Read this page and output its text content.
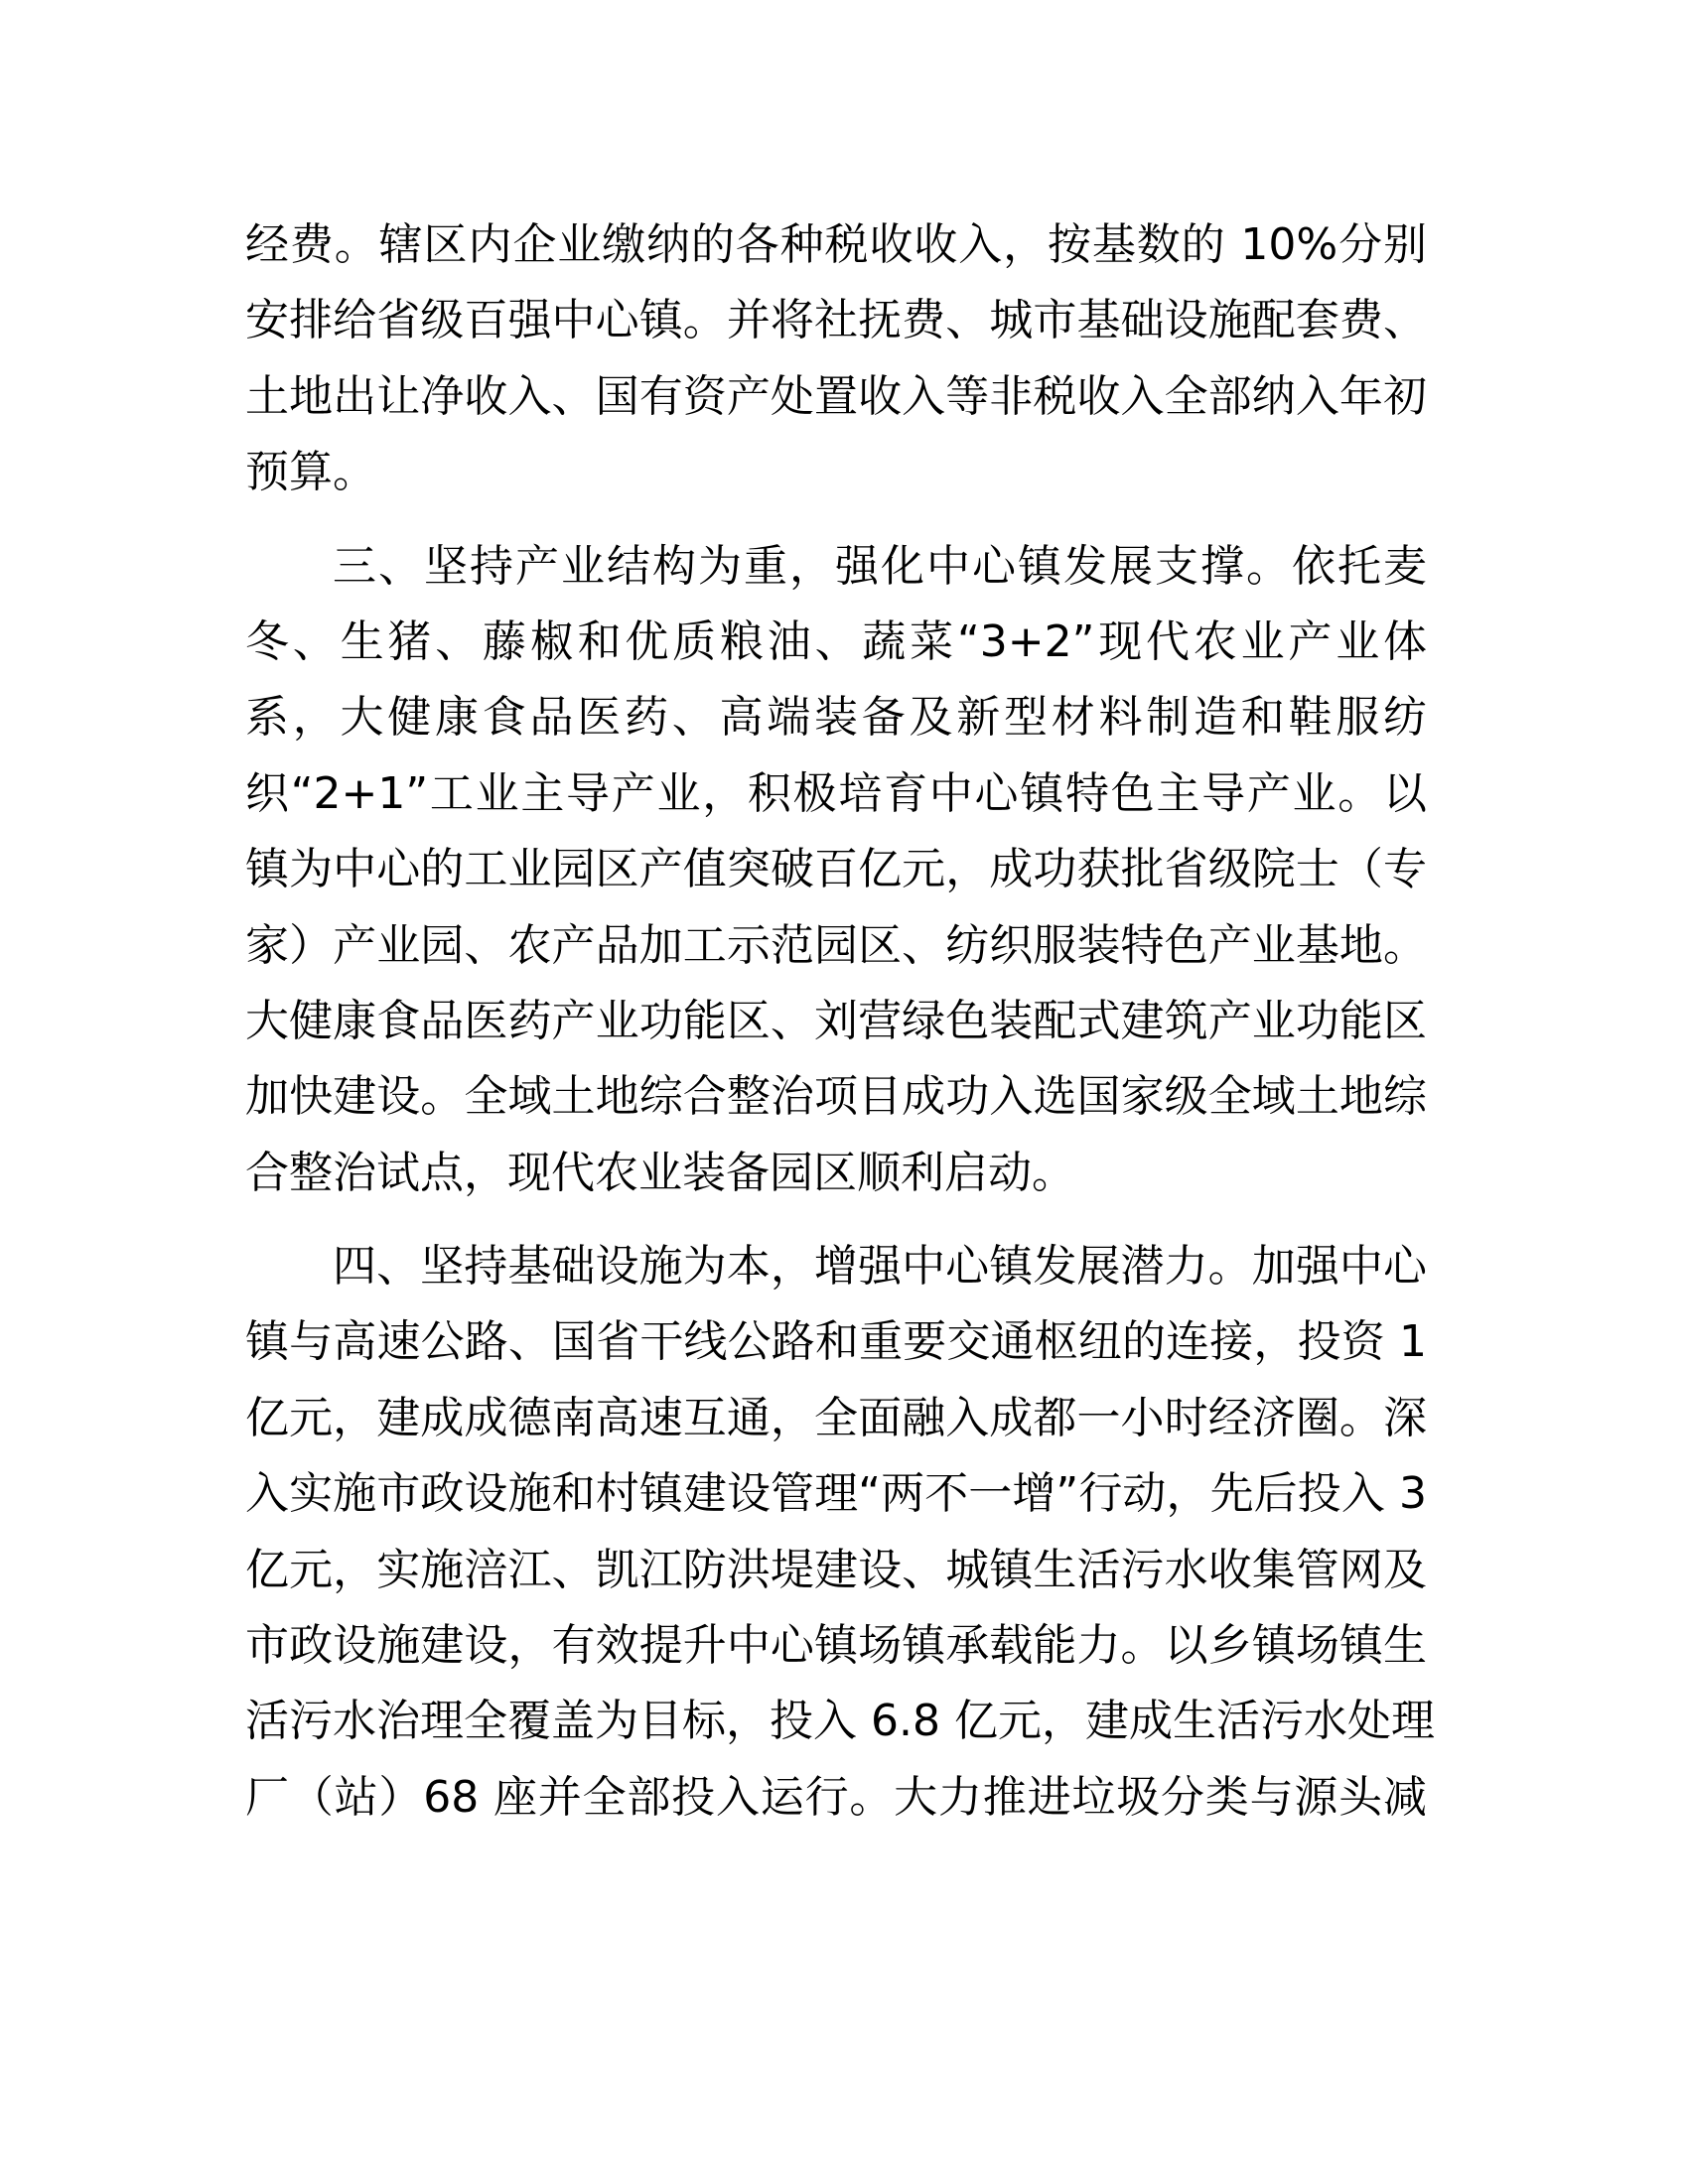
经费。辖区内企业缴纳的各种税收收入，按基数的 10%分别
安排给省级百强中心镇。并将社抚费、城市基础设施配套费、
土地出让净收入、国有资产处置收入等非税收入全部纳入年初
预算。
三、坚持产业结构为重，强化中心镇发展支撑。依托麦
冬、生猪、藤椒和优质粮油、蔬菜“3+2”现代农业产业体
系，大健康食品医药、高端装备及新型材料制造和鞋服纺
织“2+1”工业主导产业，积极培育中心镇特色主导产业。以
镇为中心的工业园区产值突破百亿元，成功获批省级院士（专
家）产业园、农产品加工示范园区、纺织服装特色产业基地。
大健康食品医药产业功能区、刘营绿色装配式建筑产业功能区
加快建设。全域土地综合整治项目成功入选国家级全域土地综
合整治试点，现代农业装备园区顺利启动。
四、坚持基础设施为本，增强中心镇发展潜力。加强中心
镇与高速公路、国省干线公路和重要交通枢纽的连接，投资 1
亿元，建成成德南高速互通，全面融入成都一小时经济圈。深
入实施市政设施和村镇建设管理“两不一增”行动，先后投入 3
亿元，实施涪江、凯江防洪堤建设、城镇生活污水收集管网及
市政设施建设，有效提升中心镇场镇承载能力。以乡镇场镇生
活污水治理全覆盖为目标，投入 6.8 亿元，建成生活污水处理
厂（站）68 座并全部投入运行。大力推进垃圾分类与源头减
